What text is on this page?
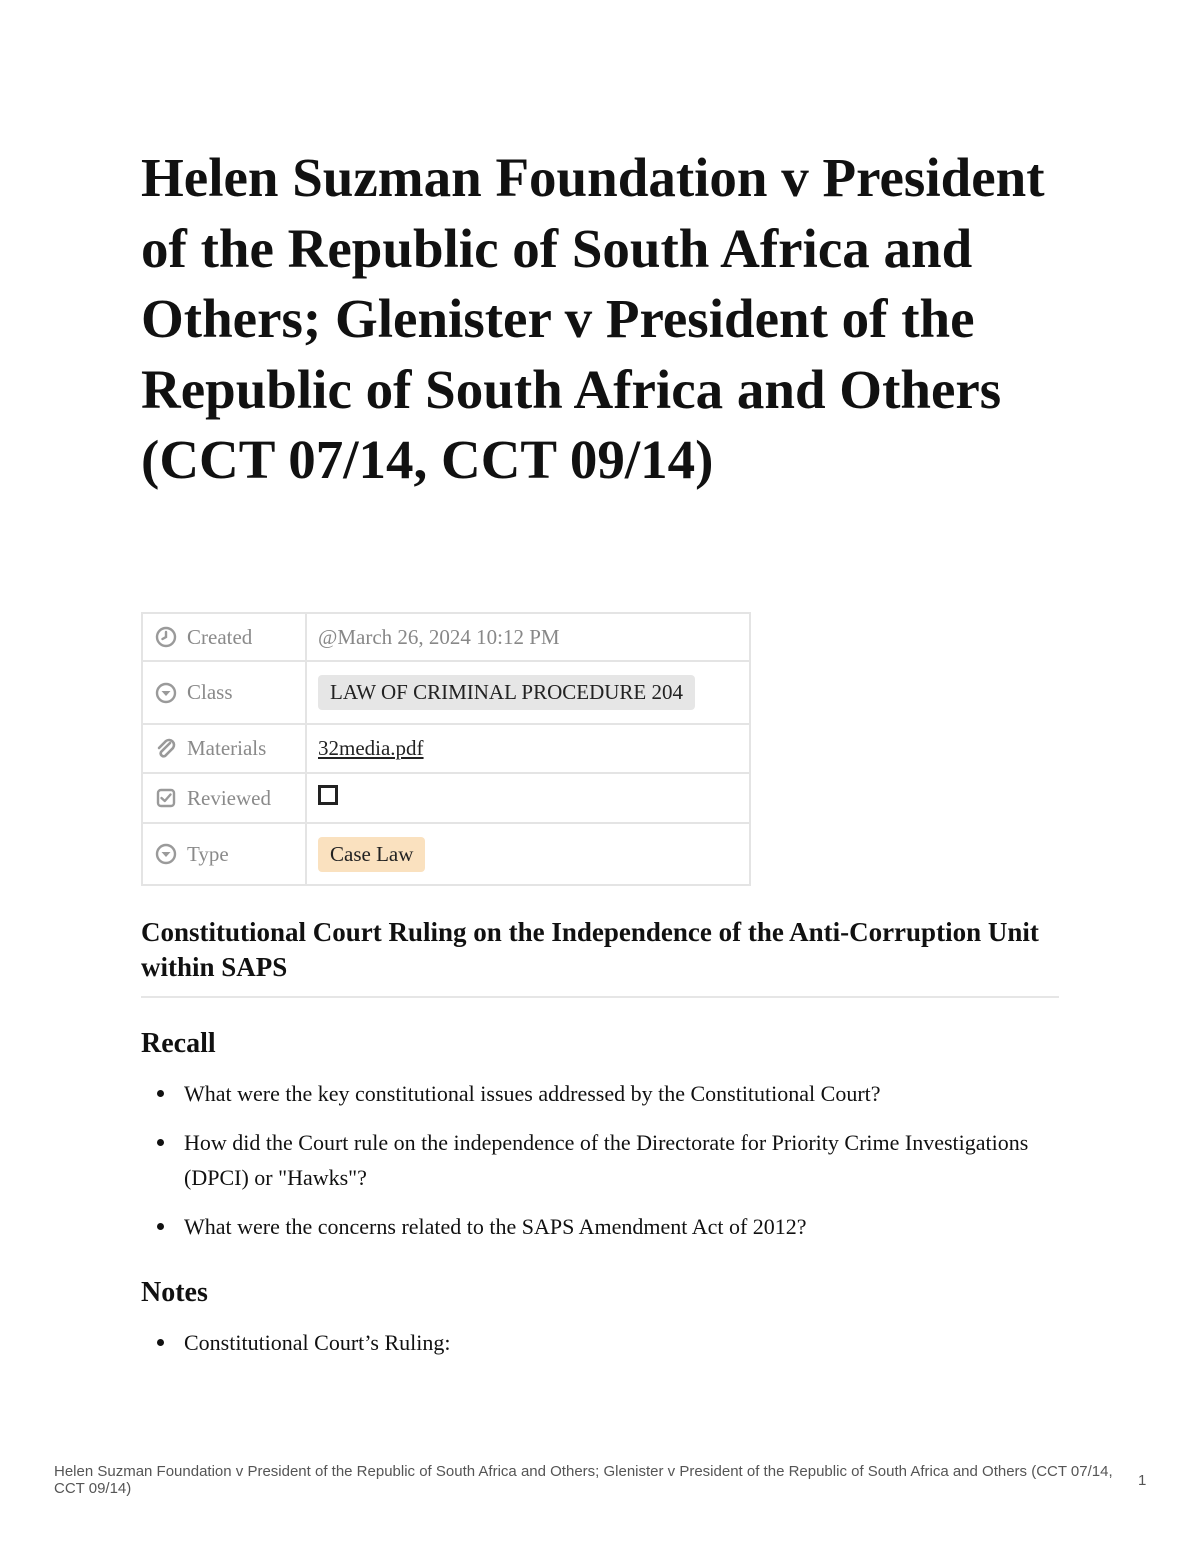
Helen Suzman Foundation v President of the Republic of South Africa and Others; Glenister v President of the Republic of South Africa and Others (CCT 07/14, CCT 09/14)
Created	@March 26, 2024 10:12 PM

Class	LAW OF CRIMINAL PROCEDURE 204

Materials	32media.pdf

Reviewed	

Type	Case Law
Constitutional Court Ruling on the Independence of the Anti-Corruption Unit within SAPS
Recall
What were the key constitutional issues addressed by the Constitutional Court?
How did the Court rule on the independence of the Directorate for Priority Crime Investigations (DPCI) or "Hawks"?
What were the concerns related to the SAPS Amendment Act of 2012?
Notes
Constitutional Court’s Ruling:
Helen Suzman Foundation v President of the Republic of South Africa and Others; Glenister v President of the Republic of South Africa and Others (CCT 07/14, CCT 09/14)	1
